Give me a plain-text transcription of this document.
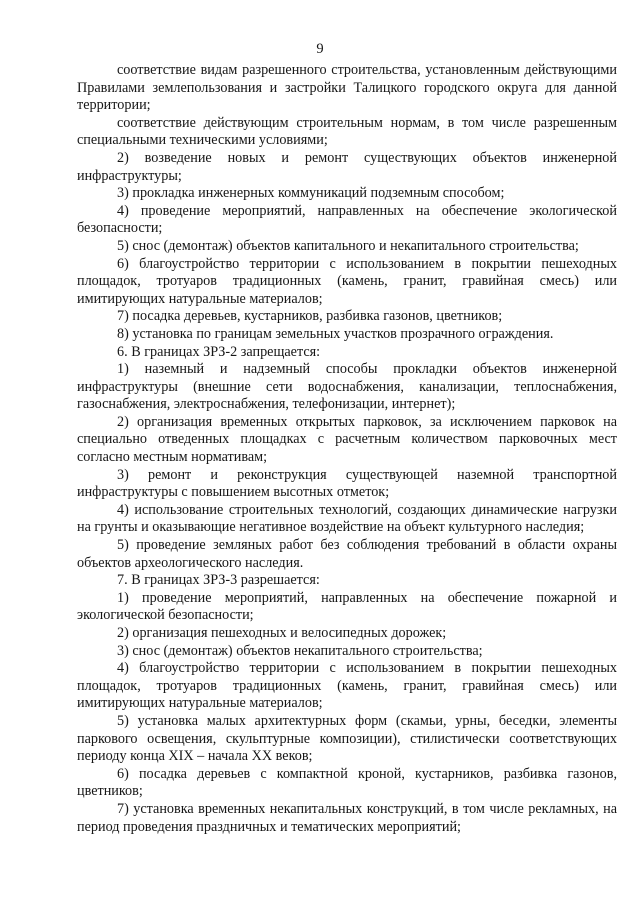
9

соответствие видам разрешенного строительства, установленным действующими Правилами землепользования и застройки Талицкого городского округа для данной территории;

соответствие действующим строительным нормам, в том числе разрешенным специальными техническими условиями;

2) возведение новых и ремонт существующих объектов инженерной инфраструктуры;

3) прокладка инженерных коммуникаций подземным способом;

4) проведение мероприятий, направленных на обеспечение экологической безопасности;

5) снос (демонтаж) объектов капитального и некапитального строительства;

6) благоустройство территории с использованием в покрытии пешеходных площадок, тротуаров традиционных (камень, гранит, гравийная смесь) или имитирующих натуральные материалов;

7) посадка деревьев, кустарников, разбивка газонов, цветников;

8) установка по границам земельных участков прозрачного ограждения.

6. В границах ЗРЗ-2 запрещается:

1) наземный и надземный способы прокладки объектов инженерной инфраструктуры (внешние сети водоснабжения, канализации, теплоснабжения, газоснабжения, электроснабжения, телефонизации, интернет);

2) организация временных открытых парковок, за исключением парковок на специально отведенных площадках с расчетным количеством парковочных мест согласно местным нормативам;

3) ремонт и реконструкция существующей наземной транспортной инфраструктуры с повышением высотных отметок;

4) использование строительных технологий, создающих динамические нагрузки на грунты и оказывающие негативное воздействие на объект культурного наследия;

5) проведение земляных работ без соблюдения требований в области охраны объектов археологического наследия.

7. В границах ЗРЗ-3 разрешается:

1) проведение мероприятий, направленных на обеспечение пожарной и экологической безопасности;

2) организация пешеходных и велосипедных дорожек;

3) снос (демонтаж) объектов некапитального строительства;

4) благоустройство территории с использованием в покрытии пешеходных площадок, тротуаров традиционных (камень, гранит, гравийная смесь) или имитирующих натуральные материалов;

5) установка малых архитектурных форм (скамьи, урны, беседки, элементы паркового освещения, скульптурные композиции), стилистически соответствующих периоду конца XIX – начала XX веков;

6) посадка деревьев с компактной кроной, кустарников, разбивка газонов, цветников;

7) установка временных некапитальных конструкций, в том числе рекламных, на период проведения праздничных и тематических мероприятий;
